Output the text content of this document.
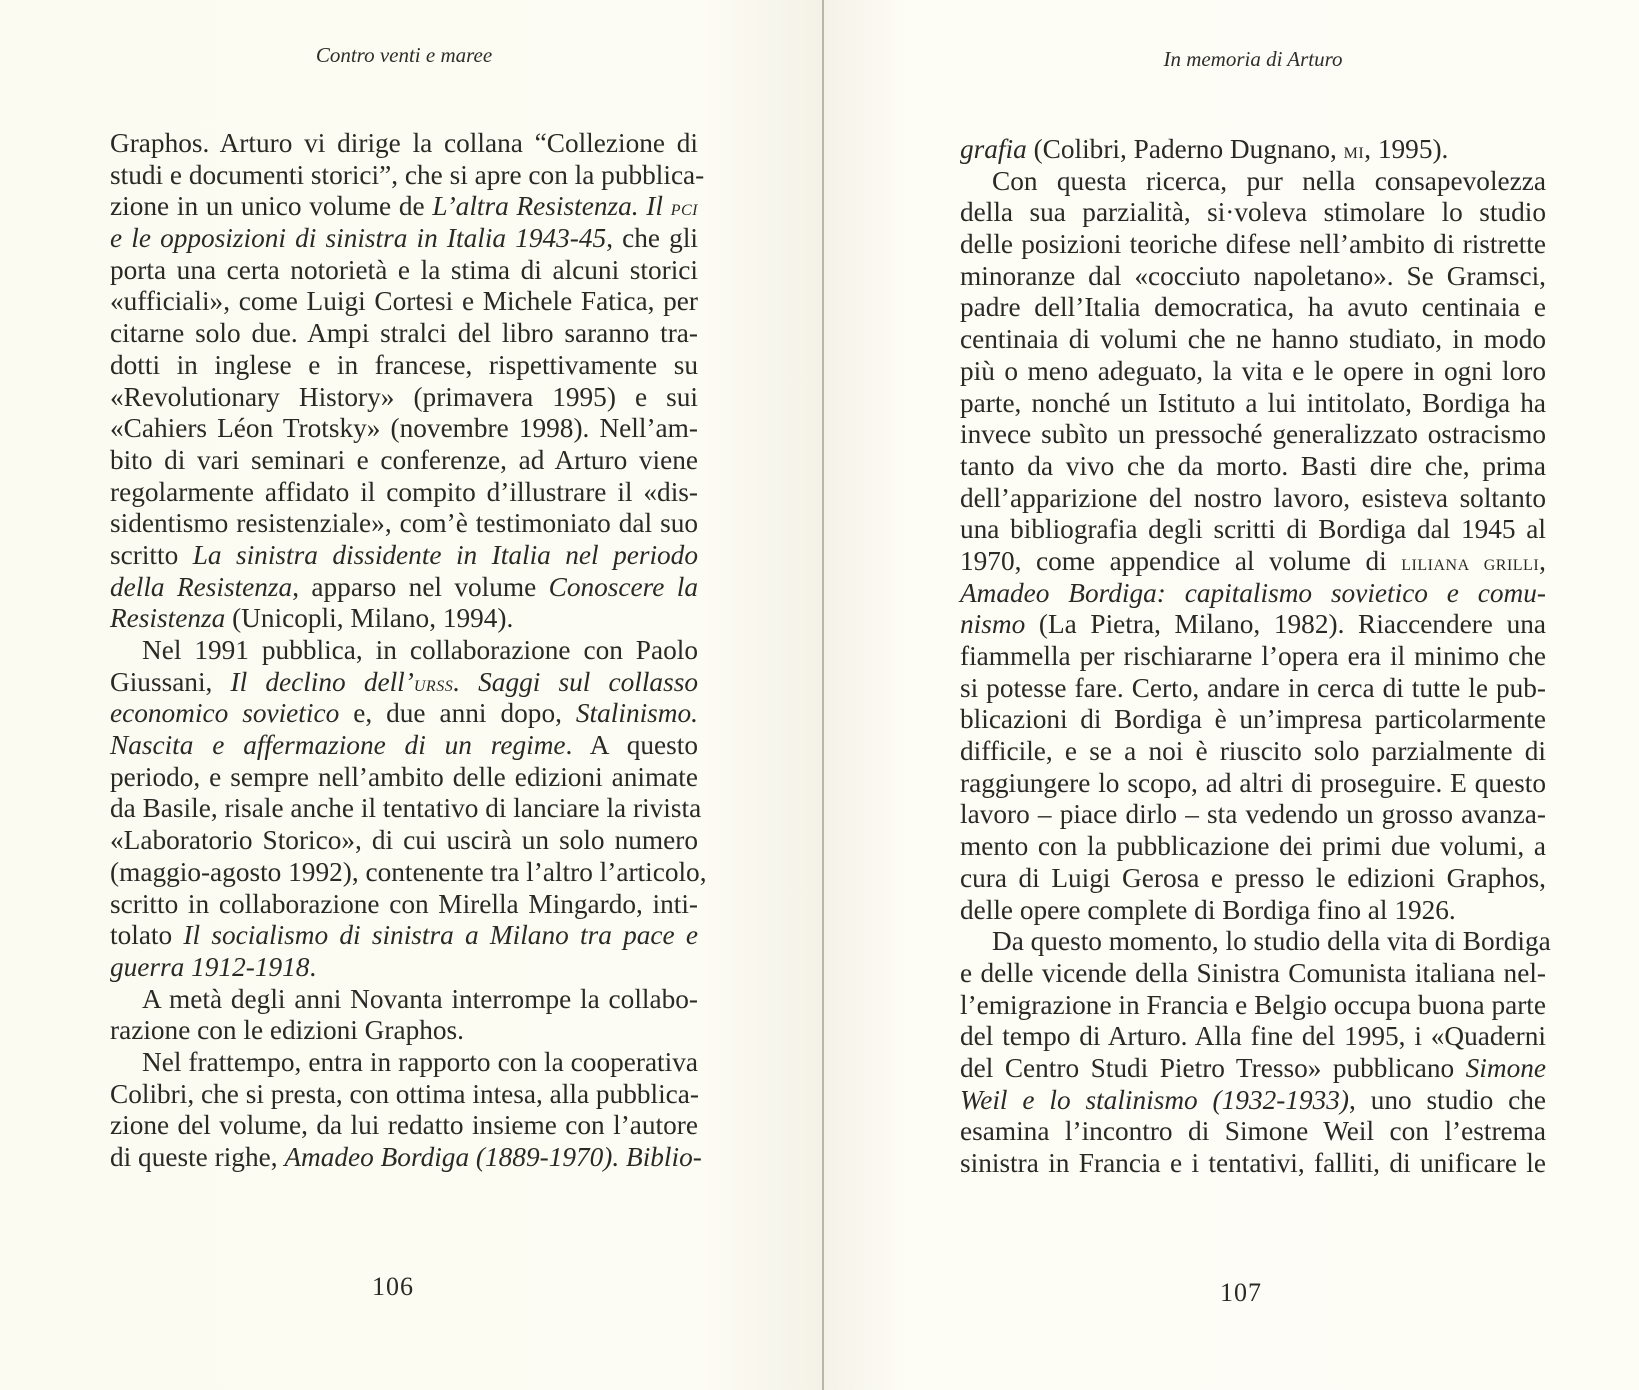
Contro venti e maree	In memoria di Arturo
Graphos. Arturo vi dirige la collana “Collezione di
studi e documenti storici”, che si apre con la pubblica-
zione in un unico volume de L’altra Resistenza. Il pci
e le opposizioni di sinistra in Italia 1943-45, che gli
porta una certa notorietà e la stima di alcuni storici
«ufficiali», come Luigi Cortesi e Michele Fatica, per
citarne solo due. Ampi stralci del libro saranno tra-
dotti in inglese e in francese, rispettivamente su
«Revolutionary History» (primavera 1995) e sui
«Cahiers Léon Trotsky» (novembre 1998). Nell’am-
bito di vari seminari e conferenze, ad Arturo viene
regolarmente affidato il compito d’illustrare il «dis-
sidentismo resistenziale», com’è testimoniato dal suo
scritto La sinistra dissidente in Italia nel periodo
della Resistenza, apparso nel volume Conoscere la
Resistenza (Unicopli, Milano, 1994).
Nel 1991 pubblica, in collaborazione con Paolo
Giussani, Il declino dell’urss. Saggi sul collasso
economico sovietico e, due anni dopo, Stalinismo.
Nascita e affermazione di un regime. A questo
periodo, e sempre nell’ambito delle edizioni animate
da Basile, risale anche il tentativo di lanciare la rivista
«Laboratorio Storico», di cui uscirà un solo numero
(maggio-agosto 1992), contenente tra l’altro l’articolo,
scritto in collaborazione con Mirella Mingardo, inti-
tolato Il socialismo di sinistra a Milano tra pace e
guerra 1912-1918.
A metà degli anni Novanta interrompe la collabo-
razione con le edizioni Graphos.
Nel frattempo, entra in rapporto con la cooperativa
Colibri, che si presta, con ottima intesa, alla pubblica-
zione del volume, da lui redatto insieme con l’autore
di queste righe, Amadeo Bordiga (1889-1970). Biblio-
grafia (Colibri, Paderno Dugnano, mi, 1995).
Con questa ricerca, pur nella consapevolezza
della sua parzialità, si·voleva stimolare lo studio
delle posizioni teoriche difese nell’ambito di ristrette
minoranze dal «cocciuto napoletano». Se Gramsci,
padre dell’Italia democratica, ha avuto centinaia e
centinaia di volumi che ne hanno studiato, in modo
più o meno adeguato, la vita e le opere in ogni loro
parte, nonché un Istituto a lui intitolato, Bordiga ha
invece subìto un pressoché generalizzato ostracismo
tanto da vivo che da morto. Basti dire che, prima
dell’apparizione del nostro lavoro, esisteva soltanto
una bibliografia degli scritti di Bordiga dal 1945 al
1970, come appendice al volume di liliana grilli,
Amadeo Bordiga: capitalismo sovietico e comu-
nismo (La Pietra, Milano, 1982). Riaccendere una
fiammella per rischiararne l’opera era il minimo che
si potesse fare. Certo, andare in cerca di tutte le pub-
blicazioni di Bordiga è un’impresa particolarmente
difficile, e se a noi è riuscito solo parzialmente di
raggiungere lo scopo, ad altri di proseguire. E questo
lavoro – piace dirlo – sta vedendo un grosso avanza-
mento con la pubblicazione dei primi due volumi, a
cura di Luigi Gerosa e presso le edizioni Graphos,
delle opere complete di Bordiga fino al 1926.
Da questo momento, lo studio della vita di Bordiga
e delle vicende della Sinistra Comunista italiana nel-
l’emigrazione in Francia e Belgio occupa buona parte
del tempo di Arturo. Alla fine del 1995, i «Quaderni
del Centro Studi Pietro Tresso» pubblicano Simone
Weil e lo stalinismo (1932-1933), uno studio che
esamina l’incontro di Simone Weil con l’estrema
sinistra in Francia e i tentativi, falliti, di unificare le
106	107
